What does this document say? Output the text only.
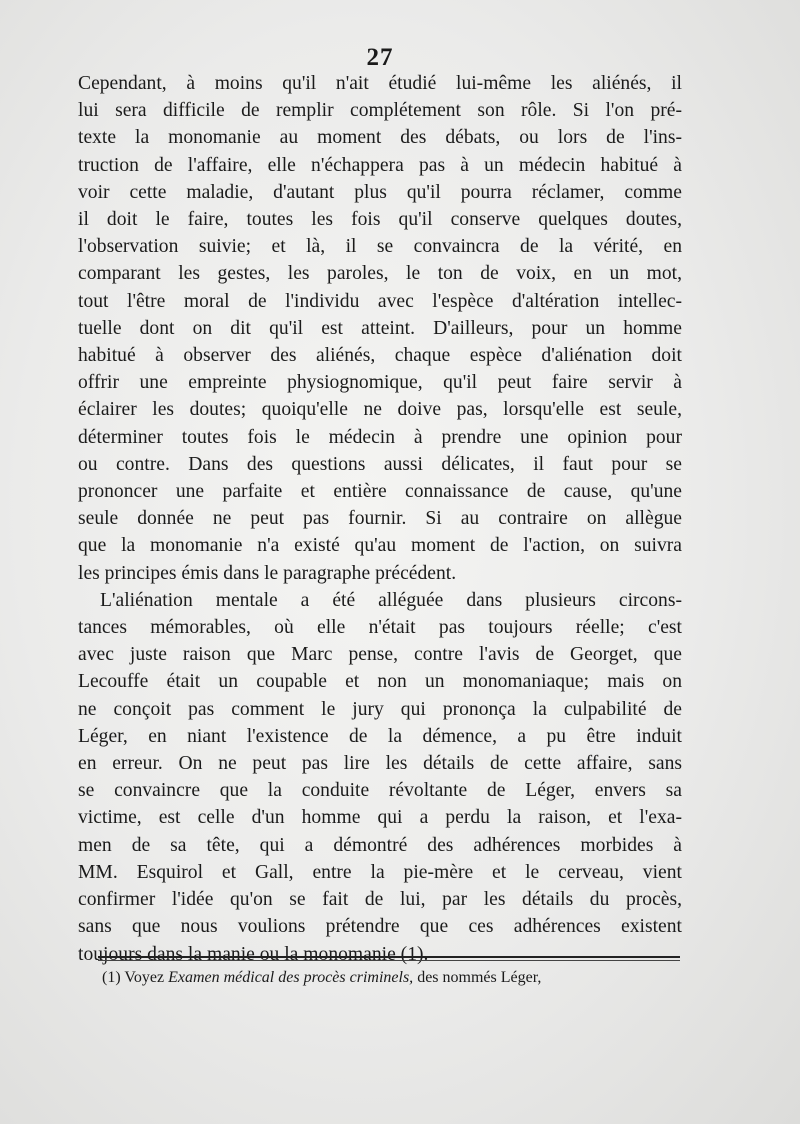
27
Cependant, à moins qu'il n'ait étudié lui-même les aliénés, il
lui sera difficile de remplir complétement son rôle. Si l'on pré-
texte la monomanie au moment des débats, ou lors de l'ins-
truction de l'affaire, elle n'échappera pas à un médecin habitué à
voir cette maladie, d'autant plus qu'il pourra réclamer, comme
il doit le faire, toutes les fois qu'il conserve quelques doutes,
l'observation suivie; et là, il se convaincra de la vérité, en
comparant les gestes, les paroles, le ton de voix, en un mot,
tout l'être moral de l'individu avec l'espèce d'altération intellec-
tuelle dont on dit qu'il est atteint. D'ailleurs, pour un homme
habitué à observer des aliénés, chaque espèce d'aliénation doit
offrir une empreinte physiognomique, qu'il peut faire servir à
éclairer les doutes; quoiqu'elle ne doive pas, lorsqu'elle est seule,
déterminer toutes fois le médecin à prendre une opinion pour
ou contre. Dans des questions aussi délicates, il faut pour se
prononcer une parfaite et entière connaissance de cause, qu'une
seule donnée ne peut pas fournir. Si au contraire on allègue
que la monomanie n'a existé qu'au moment de l'action, on suivra
les principes émis dans le paragraphe précédent.
L'aliénation mentale a été alléguée dans plusieurs circons-
tances mémorables, où elle n'était pas toujours réelle; c'est
avec juste raison que Marc pense, contre l'avis de Georget, que
Lecouffe était un coupable et non un monomaniaque; mais on
ne conçoit pas comment le jury qui prononça la culpabilité de
Léger, en niant l'existence de la démence, a pu être induit
en erreur. On ne peut pas lire les détails de cette affaire, sans
se convaincre que la conduite révoltante de Léger, envers sa
victime, est celle d'un homme qui a perdu la raison, et l'exa-
men de sa tête, qui a démontré des adhérences morbides à
MM. Esquirol et Gall, entre la pie-mère et le cerveau, vient
confirmer l'idée qu'on se fait de lui, par les détails du procès,
sans que nous voulions prétendre que ces adhérences existent
toujours dans la manie ou la monomanie (1).
(1) Voyez Examen médical des procès criminels, des nommés Léger,
